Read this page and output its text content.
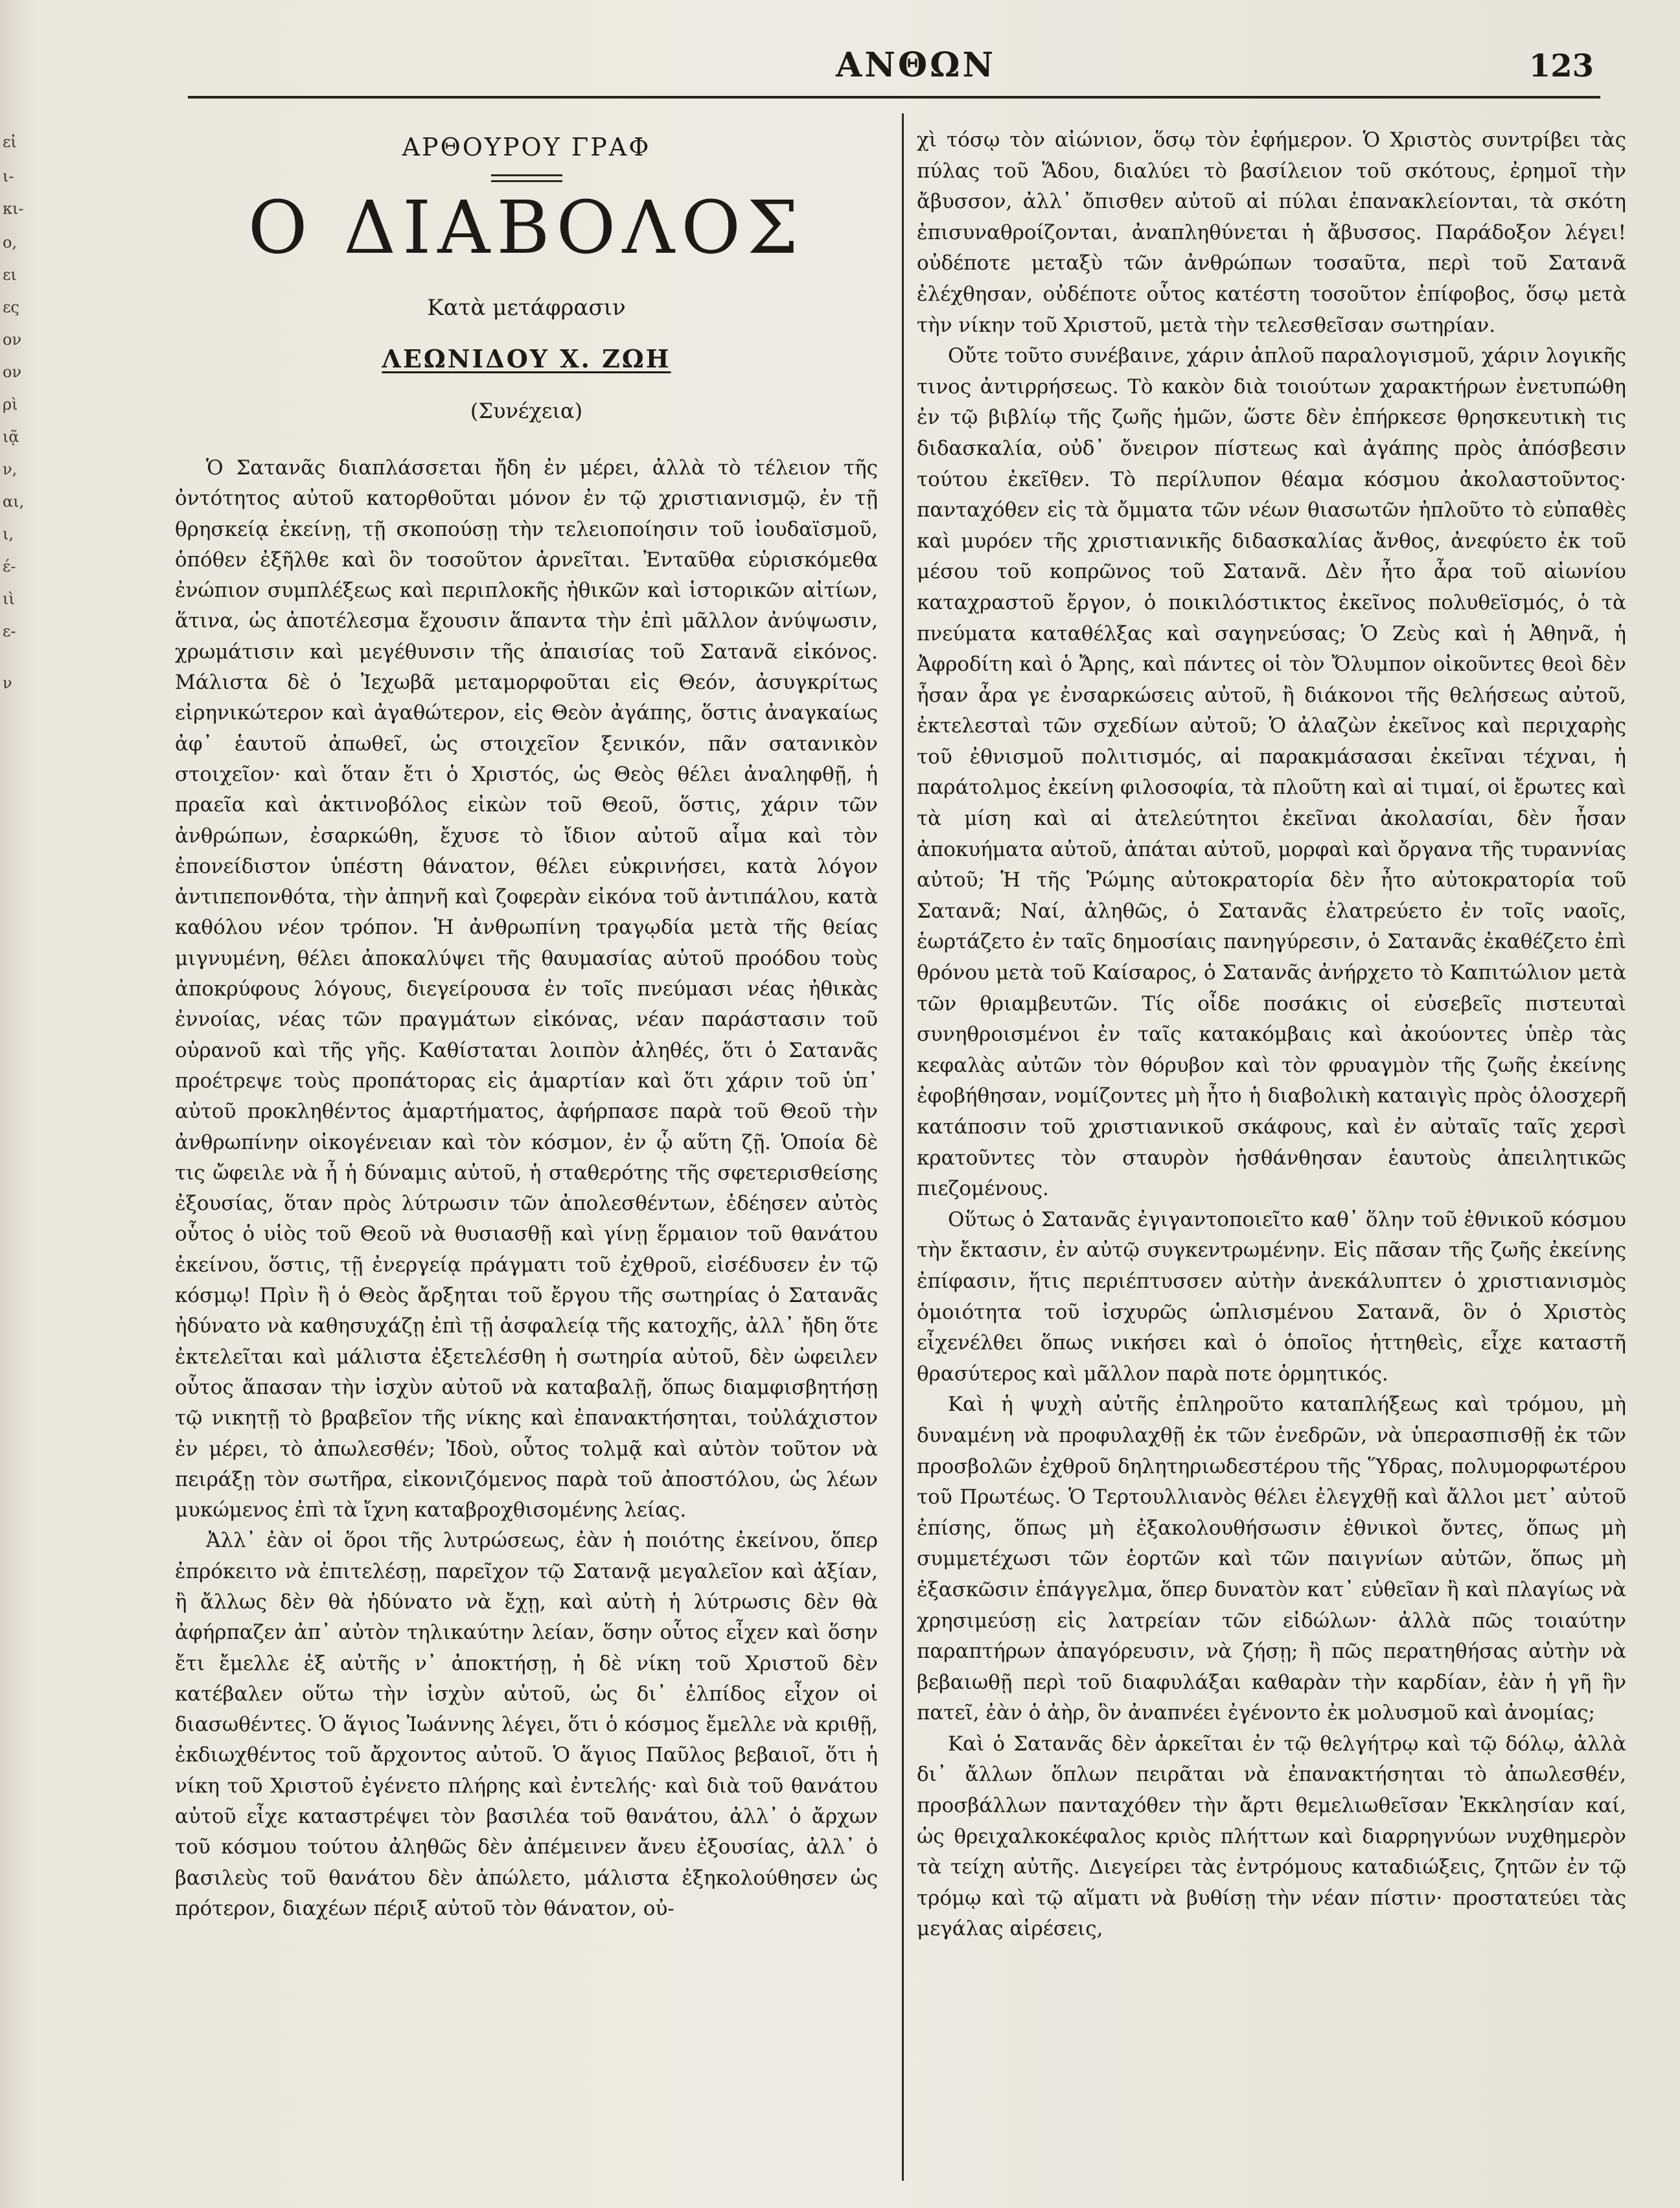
εἰ
ι-
κι-
ο,
ει
ες
ον
ον
ρὶ
ιᾷ
ν,
αι,
ι,
έ-
ιὶ
ε-
ν
ΑΝΘΩΝ	123
ΑΡΘΟΥΡΟΥ ΓΡΑΦ
Ο ΔΙΑΒΟΛΟΣ
Κατὰ μετάφρασιν
ΛΕΩΝΙΔΟΥ Χ. ΖΩΗ
(Συνέχεια)

Ὁ Σατανᾶς διαπλάσσεται ἤδη ἐν μέρει, ἀλλὰ τὸ τέλειον τῆς ὀντότητος αὐτοῦ κατορθοῦται μόνον ἐν τῷ χριστιανισμῷ, ἐν τῇ θρησκείᾳ ἐκείνῃ, τῇ σκοπούσῃ τὴν τελειοποίησιν τοῦ ἰουδαϊσμοῦ, ὁπόθεν ἐξῆλθε καὶ ὃν τοσοῦτον ἀρνεῖται. Ἐνταῦθα εὑρισκόμεθα ἐνώπιον συμπλέξεως καὶ περιπλοκῆς ἠθικῶν καὶ ἱστορικῶν αἰτίων, ἅτινα, ὡς ἀποτέλεσμα ἔχουσιν ἅπαντα τὴν ἐπὶ μᾶλλον ἀνύψωσιν, χρωμάτισιν καὶ μεγέθυνσιν τῆς ἀπαισίας τοῦ Σατανᾶ εἰκόνος. Μάλιστα δὲ ὁ Ἰεχωβᾶ μεταμορφοῦται εἰς Θεόν, ἀσυγκρίτως εἰρηνικώτερον καὶ ἀγαθώτερον, εἰς Θεὸν ἀγάπης, ὅστις ἀναγκαίως ἀφ᾽ ἑαυτοῦ ἀπωθεῖ, ὡς στοιχεῖον ξενικόν, πᾶν σατανικὸν στοιχεῖον· καὶ ὅταν ἔτι ὁ Χριστός, ὡς Θεὸς θέλει ἀναληφθῇ, ἡ πραεῖα καὶ ἀκτινοβόλος εἰκὼν τοῦ Θεοῦ, ὅστις, χάριν τῶν ἀνθρώπων, ἐσαρκώθη, ἔχυσε τὸ ἴδιον αὐτοῦ αἷμα καὶ τὸν ἐπονείδιστον ὑπέστη θάνατον, θέλει εὐκρινήσει, κατὰ λόγον ἀντιπεπονθότα, τὴν ἀπηνῆ καὶ ζοφερὰν εἰκόνα τοῦ ἀντιπάλου, κατὰ καθόλου νέον τρόπον. Ἡ ἀνθρωπίνη τραγῳδία μετὰ τῆς θείας μιγνυμένη, θέλει ἀποκαλύψει τῆς θαυμασίας αὐτοῦ προόδου τοὺς ἀποκρύφους λόγους, διεγείρουσα ἐν τοῖς πνεύμασι νέας ἠθικὰς ἐννοίας, νέας τῶν πραγμάτων εἰκόνας, νέαν παράστασιν τοῦ οὐρανοῦ καὶ τῆς γῆς. Καθίσταται λοιπὸν ἀληθές, ὅτι ὁ Σατανᾶς προέτρεψε τοὺς προπάτορας εἰς ἁμαρτίαν καὶ ὅτι χάριν τοῦ ὑπ᾽ αὐτοῦ προκληθέντος ἁμαρτήματος, ἀφήρπασε παρὰ τοῦ Θεοῦ τὴν ἀνθρωπίνην οἰκογένειαν καὶ τὸν κόσμον, ἐν ᾧ αὕτη ζῇ. Ὁποία δὲ τις ὤφειλε νὰ ἦ ἡ δύναμις αὐτοῦ, ἡ σταθερότης τῆς σφετερισθείσης ἐξουσίας, ὅταν πρὸς λύτρωσιν τῶν ἀπολεσθέντων, ἐδέησεν αὐτὸς οὗτος ὁ υἱὸς τοῦ Θεοῦ νὰ θυσιασθῇ καὶ γίνῃ ἕρμαιον τοῦ θανάτου ἐκείνου, ὅστις, τῇ ἐνεργείᾳ πράγματι τοῦ ἐχθροῦ, εἰσέδυσεν ἐν τῷ κόσμῳ! Πρὶν ἢ ὁ Θεὸς ἄρξηται τοῦ ἔργου τῆς σωτηρίας ὁ Σατανᾶς ἠδύνατο νὰ καθησυχάζῃ ἐπὶ τῇ ἀσφαλείᾳ τῆς κατοχῆς, ἀλλ᾽ ἤδη ὅτε ἐκτελεῖται καὶ μάλιστα ἐξετελέσθη ἡ σωτηρία αὐτοῦ, δὲν ὠφειλεν οὗτος ἅπασαν τὴν ἰσχὺν αὐτοῦ νὰ καταβαλῇ, ὅπως διαμφισβητήσῃ τῷ νικητῇ τὸ βραβεῖον τῆς νίκης καὶ ἐπανακτήσηται, τοὐλάχιστον ἐν μέρει, τὸ ἀπωλεσθέν; Ἰδοὺ, οὗτος τολμᾷ καὶ αὐτὸν τοῦτον νὰ πειράξῃ τὸν σωτῆρα, εἰκονιζόμενος παρὰ τοῦ ἀποστόλου, ὡς λέων μυκώμενος ἐπὶ τὰ ἴχνη καταβροχθισομένης λείας.

Ἀλλ᾽ ἐὰν οἱ ὅροι τῆς λυτρώσεως, ἐὰν ἡ ποιότης ἐκείνου, ὅπερ ἐπρόκειτο νὰ ἐπιτελέσῃ, παρεῖχον τῷ Σατανᾷ μεγαλεῖον καὶ ἀξίαν, ἢ ἄλλως δὲν θὰ ἠδύνατο νὰ ἔχῃ, καὶ αὐτὴ ἡ λύτρωσις δὲν θὰ ἀφήρπαζεν ἀπ᾽ αὐτὸν τηλικαύτην λείαν, ὅσην οὗτος εἶχεν καὶ ὅσην ἔτι ἔμελλε ἐξ αὐτῆς ν᾽ ἀποκτήσῃ, ἡ δὲ νίκη τοῦ Χριστοῦ δὲν κατέβαλεν οὕτω τὴν ἰσχὺν αὐτοῦ, ὡς δι᾽ ἐλπίδος εἶχον οἱ διασωθέντες. Ὁ ἅγιος Ἰωάννης λέγει, ὅτι ὁ κόσμος ἔμελλε νὰ κριθῇ, ἐκδιωχθέντος τοῦ ἄρχοντος αὐτοῦ. Ὁ ἅγιος Παῦλος βεβαιοῖ, ὅτι ἡ νίκη τοῦ Χριστοῦ ἐγένετο πλήρης καὶ ἐντελής· καὶ διὰ τοῦ θανάτου αὐτοῦ εἶχε καταστρέψει τὸν βασιλέα τοῦ θανάτου, ἀλλ᾽ ὁ ἄρχων τοῦ κόσμου τούτου ἀληθῶς δὲν ἀπέμεινεν ἄνευ ἐξουσίας, ἀλλ᾽ ὁ βασιλεὺς τοῦ θανάτου δὲν ἀπώλετο, μάλιστα ἐξηκολούθησεν ὡς πρότερον, διαχέων πέριξ αὐτοῦ τὸν θάνατον, οὐ-

χὶ τόσῳ τὸν αἰώνιον, ὅσῳ τὸν ἐφήμερον. Ὁ Χριστὸς συντρίβει τὰς πύλας τοῦ Ἅδου, διαλύει τὸ βασίλειον τοῦ σκότους, ἐρημοῖ τὴν ἄβυσσον, ἀλλ᾽ ὄπισθεν αὐτοῦ αἱ πύλαι ἐπανακλείονται, τὰ σκότη ἐπισυναθροίζονται, ἀναπληθύνεται ἡ ἄβυσσος. Παράδοξον λέγει! οὐδέποτε μεταξὺ τῶν ἀνθρώπων τοσαῦτα, περὶ τοῦ Σατανᾶ ἐλέχθησαν, οὐδέποτε οὗτος κατέστη τοσοῦτον ἐπίφοβος, ὅσῳ μετὰ τὴν νίκην τοῦ Χριστοῦ, μετὰ τὴν τελεσθεῖσαν σωτηρίαν.

Οὔτε τοῦτο συνέβαινε, χάριν ἁπλοῦ παραλογισμοῦ, χάριν λογικῆς τινος ἀντιρρήσεως. Τὸ κακὸν διὰ τοιούτων χαρακτήρων ἐνετυπώθη ἐν τῷ βιβλίῳ τῆς ζωῆς ἡμῶν, ὥστε δὲν ἐπήρκεσε θρησκευτικὴ τις διδασκαλία, οὐδ᾽ ὄνειρον πίστεως καὶ ἀγάπης πρὸς ἀπόσβεσιν τούτου ἐκεῖθεν. Τὸ περίλυπον θέαμα κόσμου ἀκολαστοῦντος· πανταχόθεν εἰς τὰ ὄμματα τῶν νέων θιασωτῶν ἠπλοῦτο τὸ εὐπαθὲς καὶ μυρόεν τῆς χριστιανικῆς διδασκαλίας ἄνθος, ἀνεφύετο ἐκ τοῦ μέσου τοῦ κοπρῶνος τοῦ Σατανᾶ. Δὲν ἦτο ἆρα τοῦ αἰωνίου καταχραστοῦ ἔργον, ὁ ποικιλόστικτος ἐκεῖνος πολυθεϊσμός, ὁ τὰ πνεύματα καταθέλξας καὶ σαγηνεύσας; Ὁ Ζεὺς καὶ ἡ Ἀθηνᾶ, ἡ Ἀφροδίτη καὶ ὁ Ἄρης, καὶ πάντες οἱ τὸν Ὄλυμπον οἰκοῦντες θεοὶ δὲν ἦσαν ἆρα γε ἐνσαρκώσεις αὐτοῦ, ἢ διάκονοι τῆς θελήσεως αὐτοῦ, ἐκτελεσταὶ τῶν σχεδίων αὐτοῦ; Ὁ ἀλαζὼν ἐκεῖνος καὶ περιχαρὴς τοῦ ἐθνισμοῦ πολιτισμός, αἱ παρακμάσασαι ἐκεῖναι τέχναι, ἡ παράτολμος ἐκείνη φιλοσοφία, τὰ πλοῦτη καὶ αἱ τιμαί, οἱ ἔρωτες καὶ τὰ μίση καὶ αἱ ἀτελεύτητοι ἐκεῖναι ἀκολασίαι, δὲν ἦσαν ἀποκυήματα αὐτοῦ, ἀπάται αὐτοῦ, μορφαὶ καὶ ὄργανα τῆς τυραννίας αὐτοῦ; Ἡ τῆς Ῥώμης αὐτοκρατορία δὲν ἦτο αὐτοκρατορία τοῦ Σατανᾶ; Ναί, ἀληθῶς, ὁ Σατανᾶς ἐλατρεύετο ἐν τοῖς ναοῖς, ἑωρτάζετο ἐν ταῖς δημοσίαις πανηγύρεσιν, ὁ Σατανᾶς ἐκαθέζετο ἐπὶ θρόνου μετὰ τοῦ Καίσαρος, ὁ Σατανᾶς ἀνήρχετο τὸ Καπιτώλιον μετὰ τῶν θριαμβευτῶν. Τίς οἶδε ποσάκις οἱ εὐσεβεῖς πιστευταὶ συνηθροισμένοι ἐν ταῖς κατακόμβαις καὶ ἀκούοντες ὑπὲρ τὰς κεφαλὰς αὐτῶν τὸν θόρυβον καὶ τὸν φρυαγμὸν τῆς ζωῆς ἐκείνης ἐφοβήθησαν, νομίζοντες μὴ ἦτο ἡ διαβολικὴ καταιγὶς πρὸς ὁλοσχερῆ κατάποσιν τοῦ χριστιανικοῦ σκάφους, καὶ ἐν αὐταῖς ταῖς χερσὶ κρατοῦντες τὸν σταυρὸν ἠσθάνθησαν ἑαυτοὺς ἀπειλητικῶς πιεζομένους.

Οὕτως ὁ Σατανᾶς ἐγιγαντοποιεῖτο καθ᾽ ὅλην τοῦ ἐθνικοῦ κόσμου τὴν ἔκτασιν, ἐν αὐτῷ συγκεντρωμένην. Εἰς πᾶσαν τῆς ζωῆς ἐκείνης ἐπίφασιν, ἥτις περιέπτυσσεν αὐτὴν ἀνεκάλυπτεν ὁ χριστιανισμὸς ὁμοιότητα τοῦ ἰσχυρῶς ὡπλισμένου Σατανᾶ, ὃν ὁ Χριστὸς εἶχενέλθει ὅπως νικήσει καὶ ὁ ὁποῖος ἡττηθεὶς, εἶχε καταστῆ θρασύτερος καὶ μᾶλλον παρὰ ποτε ὁρμητικός.

Καὶ ἡ ψυχὴ αὐτῆς ἐπληροῦτο καταπλήξεως καὶ τρόμου, μὴ δυναμένη νὰ προφυλαχθῇ ἐκ τῶν ἐνεδρῶν, νὰ ὑπερασπισθῇ ἐκ τῶν προσβολῶν ἐχθροῦ δηλητηριωδεστέρου τῆς Ὕδρας, πολυμορφωτέρου τοῦ Πρωτέως. Ὁ Τερτουλλιανὸς θέλει ἐλεγχθῇ καὶ ἄλλοι μετ᾽ αὐτοῦ ἐπίσης, ὅπως μὴ ἐξακολουθήσωσιν ἐθνικοὶ ὄντες, ὅπως μὴ συμμετέχωσι τῶν ἑορτῶν καὶ τῶν παιγνίων αὐτῶν, ὅπως μὴ ἐξασκῶσιν ἐπάγγελμα, ὅπερ δυνατὸν κατ᾽ εὐθεῖαν ἢ καὶ πλαγίως νὰ χρησιμεύσῃ εἰς λατρείαν τῶν εἰδώλων· ἀλλὰ πῶς τοιαύτην παραπτήρων ἀπαγόρευσιν, νὰ ζήσῃ; ἢ πῶς περατηθήσας αὐτὴν νὰ βεβαιωθῇ περὶ τοῦ διαφυλάξαι καθαρὰν τὴν καρδίαν, ἐὰν ἡ γῆ ἣν πατεῖ, ἐὰν ὁ ἀὴρ, ὃν ἀναπνέει ἐγένοντο ἐκ μολυσμοῦ καὶ ἀνομίας;

Καὶ ὁ Σατανᾶς δὲν ἀρκεῖται ἐν τῷ θελγήτρῳ καὶ τῷ δόλῳ, ἀλλὰ δι᾽ ἄλλων ὅπλων πειρᾶται νὰ ἐπανακτήσηται τὸ ἀπωλεσθέν, προσβάλλων πανταχόθεν τὴν ἄρτι θεμελιωθεῖσαν Ἐκκλησίαν καί, ὡς θρειχαλκοκέφαλος κριὸς πλήττων καὶ διαρρηγνύων νυχθημερὸν τὰ τείχη αὐτῆς. Διεγείρει τὰς ἐντρόμους καταδιώξεις, ζητῶν ἐν τῷ τρόμῳ καὶ τῷ αἵματι νὰ βυθίσῃ τὴν νέαν πίστιν· προστατεύει τὰς μεγάλας αἱρέσεις,
